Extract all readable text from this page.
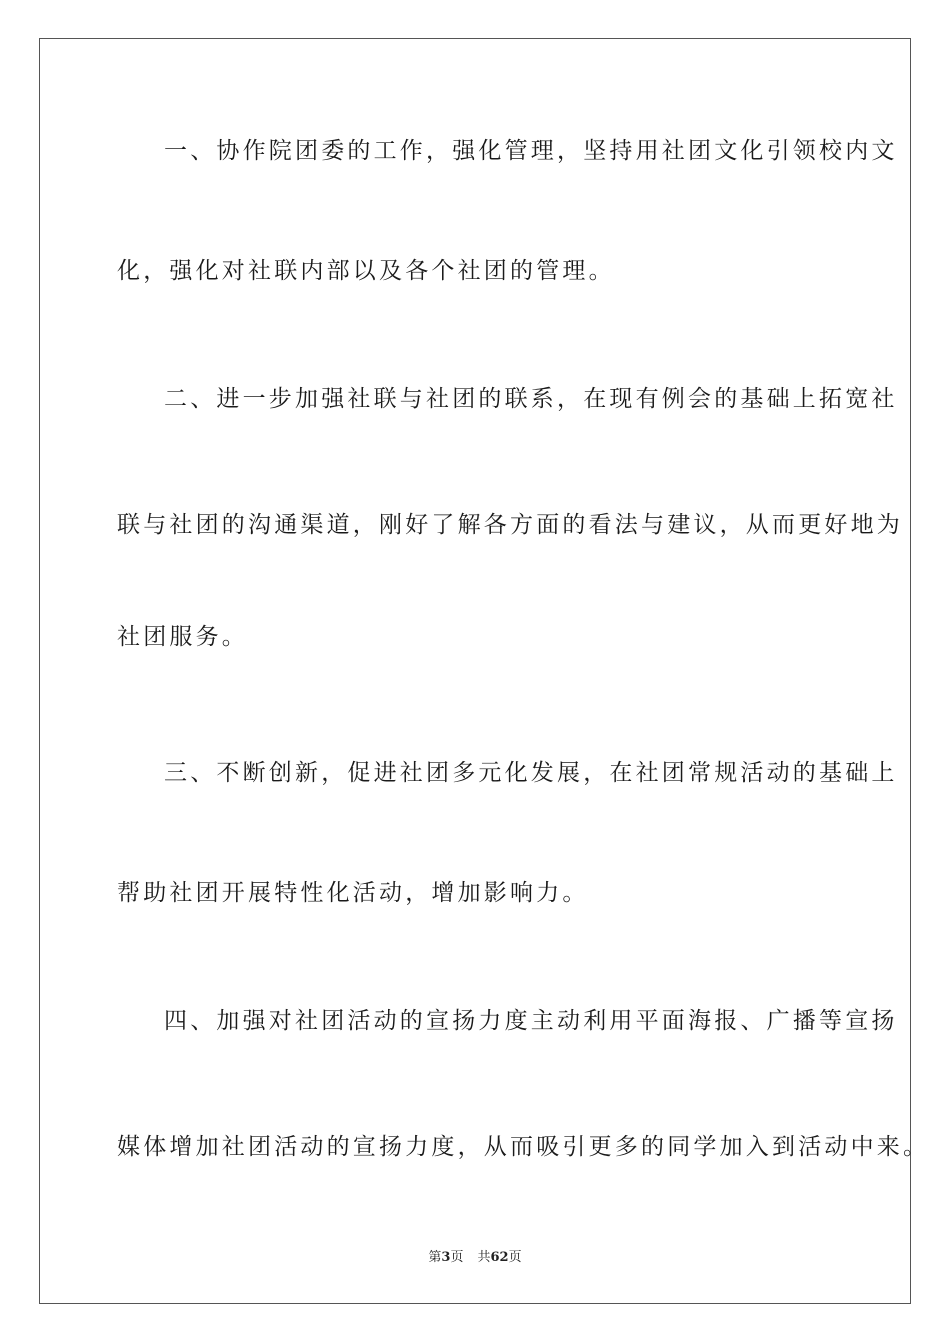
一、协作院团委的工作，强化管理，坚持用社团文化引领校内文
化，强化对社联内部以及各个社团的管理。
二、进一步加强社联与社团的联系，在现有例会的基础上拓宽社
联与社团的沟通渠道，刚好了解各方面的看法与建议，从而更好地为
社团服务。
三、不断创新，促进社团多元化发展，在社团常规活动的基础上
帮助社团开展特性化活动，增加影响力。
四、加强对社团活动的宣扬力度主动利用平面海报、广播等宣扬
媒体增加社团活动的宣扬力度，从而吸引更多的同学加入到活动中来。
第3页 共62页
